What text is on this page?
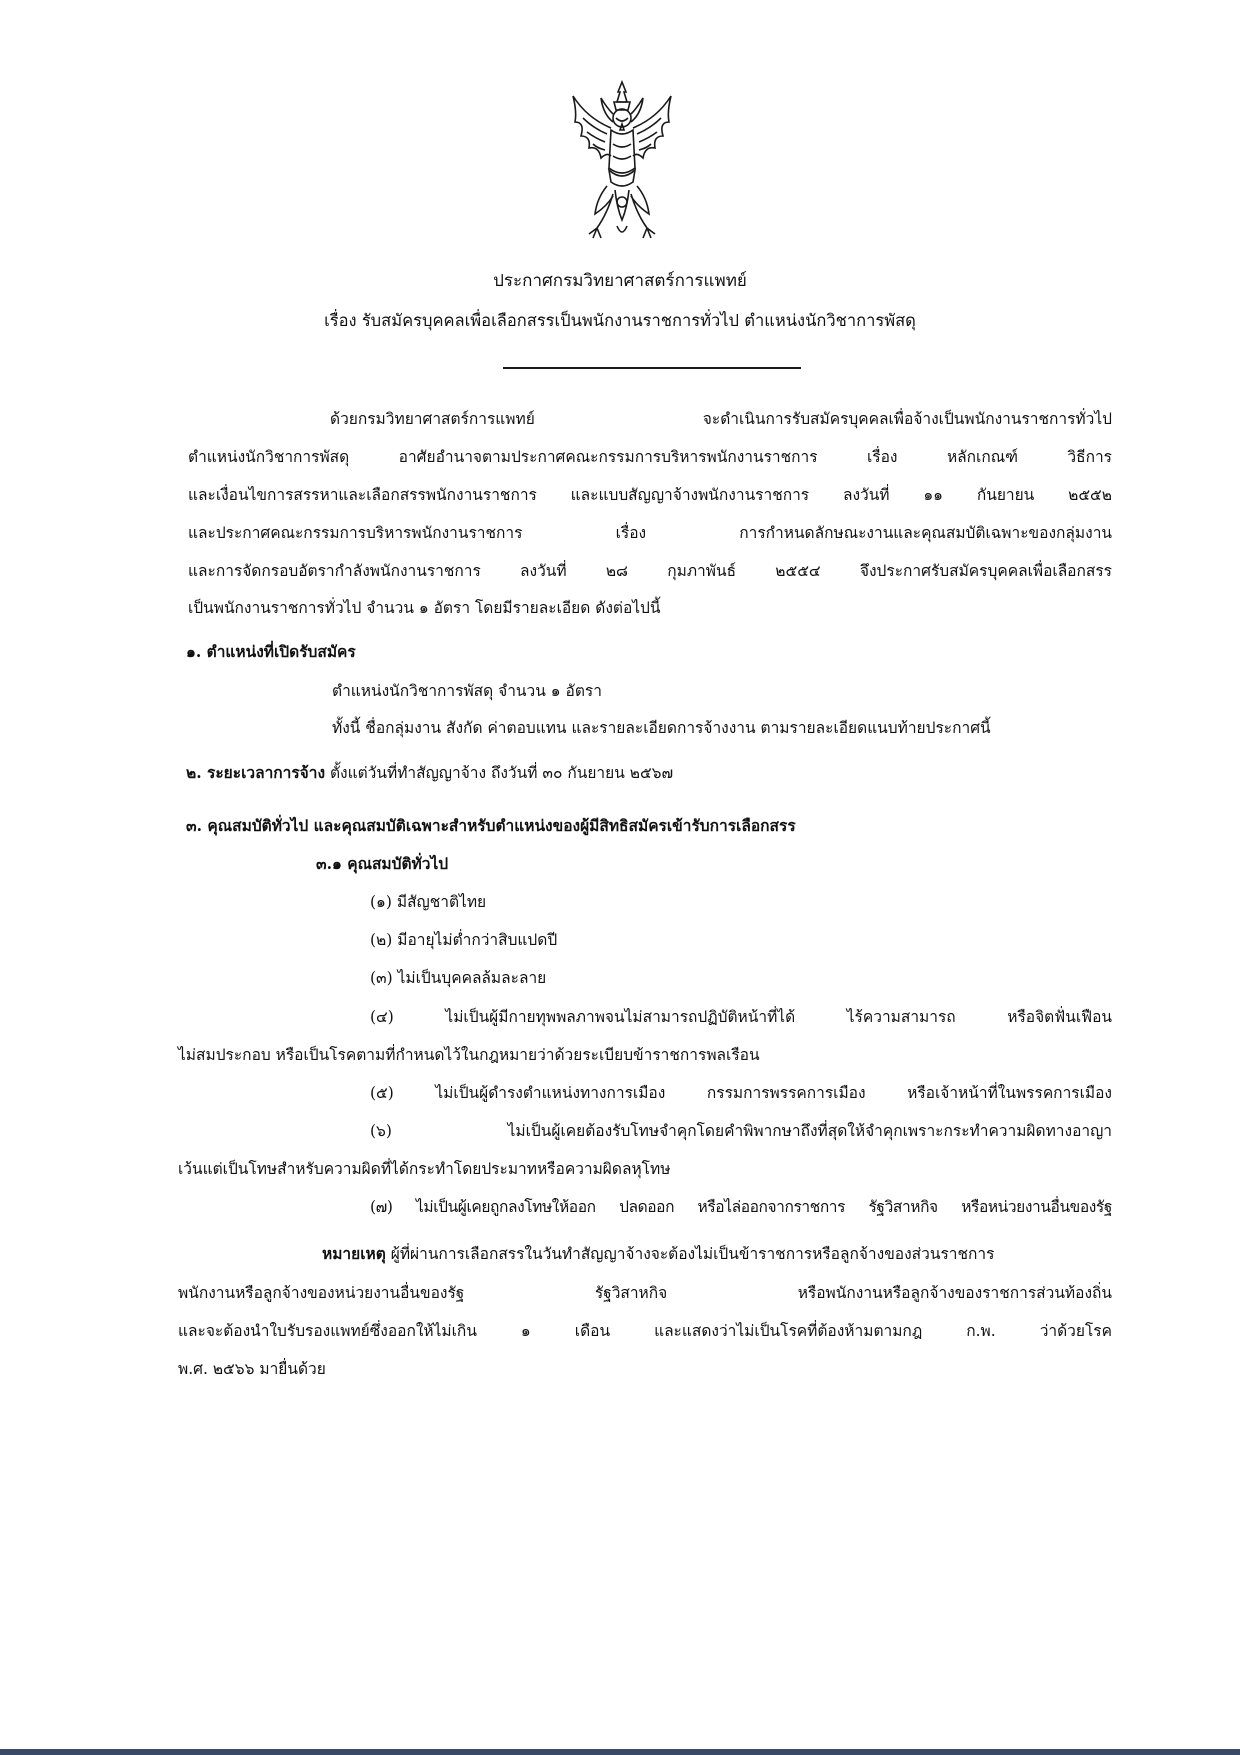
ประกาศกรมวิทยาศาสตร์การแพทย์
เรื่อง รับสมัครบุคคลเพื่อเลือกสรรเป็นพนักงานราชการทั่วไป ตำแหน่งนักวิชาการพัสดุ
ด้วยกรมวิทยาศาสตร์การแพทย์ จะดำเนินการรับสมัครบุคคลเพื่อจ้างเป็นพนักงานราชการทั่วไป
ตำแหน่งนักวิชาการพัสดุ อาศัยอำนาจตามประกาศคณะกรรมการบริหารพนักงานราชการ เรื่อง หลักเกณฑ์ วิธีการ
และเงื่อนไขการสรรหาและเลือกสรรพนักงานราชการ และแบบสัญญาจ้างพนักงานราชการ ลงวันที่ ๑๑ กันยายน ๒๕๕๒
และประกาศคณะกรรมการบริหารพนักงานราชการ เรื่อง การกำหนดลักษณะงานและคุณสมบัติเฉพาะของกลุ่มงาน
และการจัดกรอบอัตรากำลังพนักงานราชการ ลงวันที่ ๒๘ กุมภาพันธ์ ๒๕๕๔ จึงประกาศรับสมัครบุคคลเพื่อเลือกสรร
เป็นพนักงานราชการทั่วไป จำนวน ๑ อัตรา โดยมีรายละเอียด ดังต่อไปนี้
๑. ตำแหน่งที่เปิดรับสมัคร
ตำแหน่งนักวิชาการพัสดุ จำนวน ๑ อัตรา
ทั้งนี้ ชื่อกลุ่มงาน สังกัด ค่าตอบแทน และรายละเอียดการจ้างงาน ตามรายละเอียดแนบท้ายประกาศนี้
๒. ระยะเวลาการจ้าง ตั้งแต่วันที่ทำสัญญาจ้าง ถึงวันที่ ๓๐ กันยายน ๒๕๖๗
๓. คุณสมบัติทั่วไป และคุณสมบัติเฉพาะสำหรับตำแหน่งของผู้มีสิทธิสมัครเข้ารับการเลือกสรร
๓.๑ คุณสมบัติทั่วไป
(๑) มีสัญชาติไทย
(๒) มีอายุไม่ต่ำกว่าสิบแปดปี
(๓) ไม่เป็นบุคคลล้มละลาย
(๔) ไม่เป็นผู้มีกายทุพพลภาพจนไม่สามารถปฏิบัติหน้าที่ได้ ไร้ความสามารถ หรือจิตฟั่นเฟือน
ไม่สมประกอบ หรือเป็นโรคตามที่กำหนดไว้ในกฎหมายว่าด้วยระเบียบข้าราชการพลเรือน
(๕) ไม่เป็นผู้ดำรงตำแหน่งทางการเมือง กรรมการพรรคการเมือง หรือเจ้าหน้าที่ในพรรคการเมือง
(๖) ไม่เป็นผู้เคยต้องรับโทษจำคุกโดยคำพิพากษาถึงที่สุดให้จำคุกเพราะกระทำความผิดทางอาญา
เว้นแต่เป็นโทษสำหรับความผิดที่ได้กระทำโดยประมาทหรือความผิดลหุโทษ
(๗) ไม่เป็นผู้เคยถูกลงโทษให้ออก ปลดออก หรือไล่ออกจากราชการ รัฐวิสาหกิจ หรือหน่วยงานอื่นของรัฐ
หมายเหตุ ผู้ที่ผ่านการเลือกสรรในวันทำสัญญาจ้างจะต้องไม่เป็นข้าราชการหรือลูกจ้างของส่วนราชการ
พนักงานหรือลูกจ้างของหน่วยงานอื่นของรัฐ รัฐวิสาหกิจ หรือพนักงานหรือลูกจ้างของราชการส่วนท้องถิ่น
และจะต้องนำใบรับรองแพทย์ซึ่งออกให้ไม่เกิน ๑ เดือน และแสดงว่าไม่เป็นโรคที่ต้องห้ามตามกฎ ก.พ. ว่าด้วยโรค
พ.ศ. ๒๕๖๖ มายื่นด้วย
